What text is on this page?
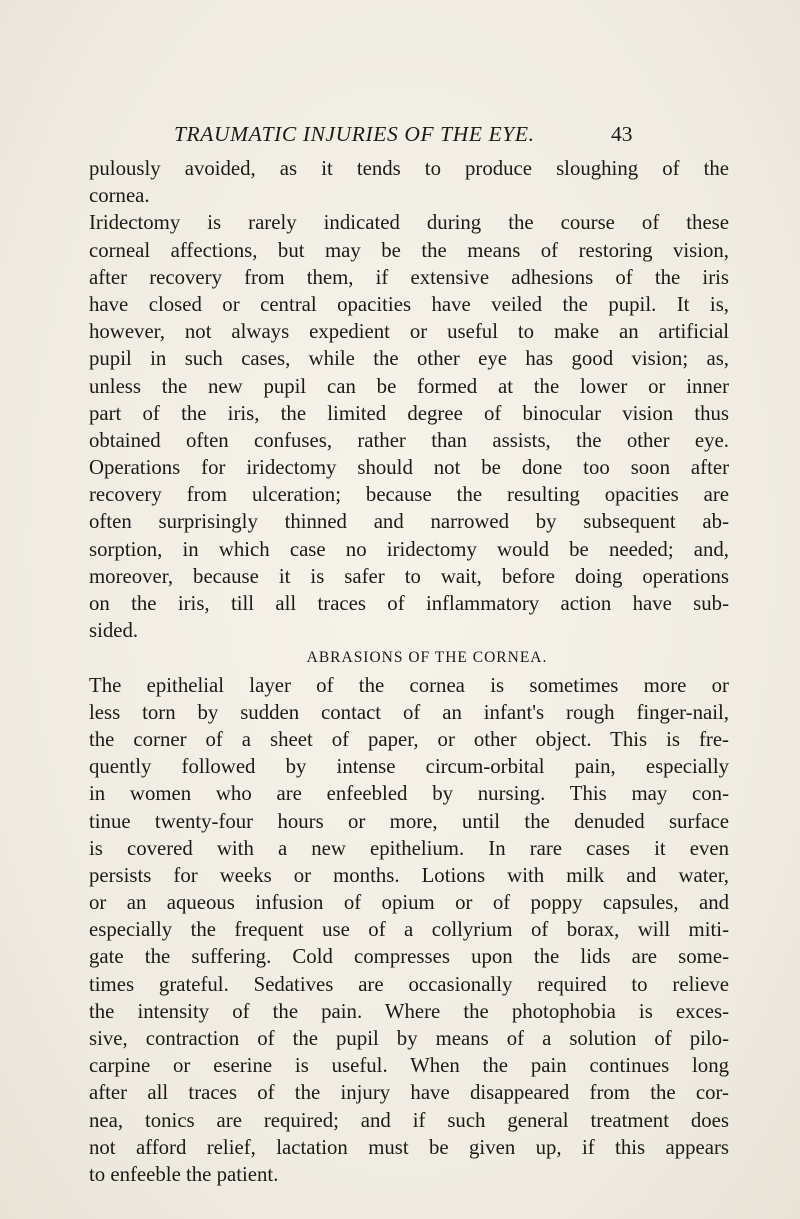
TRAUMATIC INJURIES OF THE EYE.	43
pulously avoided, as it tends to produce sloughing of the
cornea.
Iridectomy is rarely indicated during the course of these
corneal affections, but may be the means of restoring vision,
after recovery from them, if extensive adhesions of the iris
have closed or central opacities have veiled the pupil. It is,
however, not always expedient or useful to make an artificial
pupil in such cases, while the other eye has good vision; as,
unless the new pupil can be formed at the lower or inner
part of the iris, the limited degree of binocular vision thus
obtained often confuses, rather than assists, the other eye.
Operations for iridectomy should not be done too soon after
recovery from ulceration; because the resulting opacities are
often surprisingly thinned and narrowed by subsequent ab-
sorption, in which case no iridectomy would be needed; and,
moreover, because it is safer to wait, before doing operations
on the iris, till all traces of inflammatory action have sub-
sided.
ABRASIONS OF THE CORNEA.
The epithelial layer of the cornea is sometimes more or
less torn by sudden contact of an infant's rough finger-nail,
the corner of a sheet of paper, or other object. This is fre-
quently followed by intense circum-orbital pain, especially
in women who are enfeebled by nursing. This may con-
tinue twenty-four hours or more, until the denuded surface
is covered with a new epithelium. In rare cases it even
persists for weeks or months. Lotions with milk and water,
or an aqueous infusion of opium or of poppy capsules, and
especially the frequent use of a collyrium of borax, will miti-
gate the suffering. Cold compresses upon the lids are some-
times grateful. Sedatives are occasionally required to relieve
the intensity of the pain. Where the photophobia is exces-
sive, contraction of the pupil by means of a solution of pilo-
carpine or eserine is useful. When the pain continues long
after all traces of the injury have disappeared from the cor-
nea, tonics are required; and if such general treatment does
not afford relief, lactation must be given up, if this appears
to enfeeble the patient.
